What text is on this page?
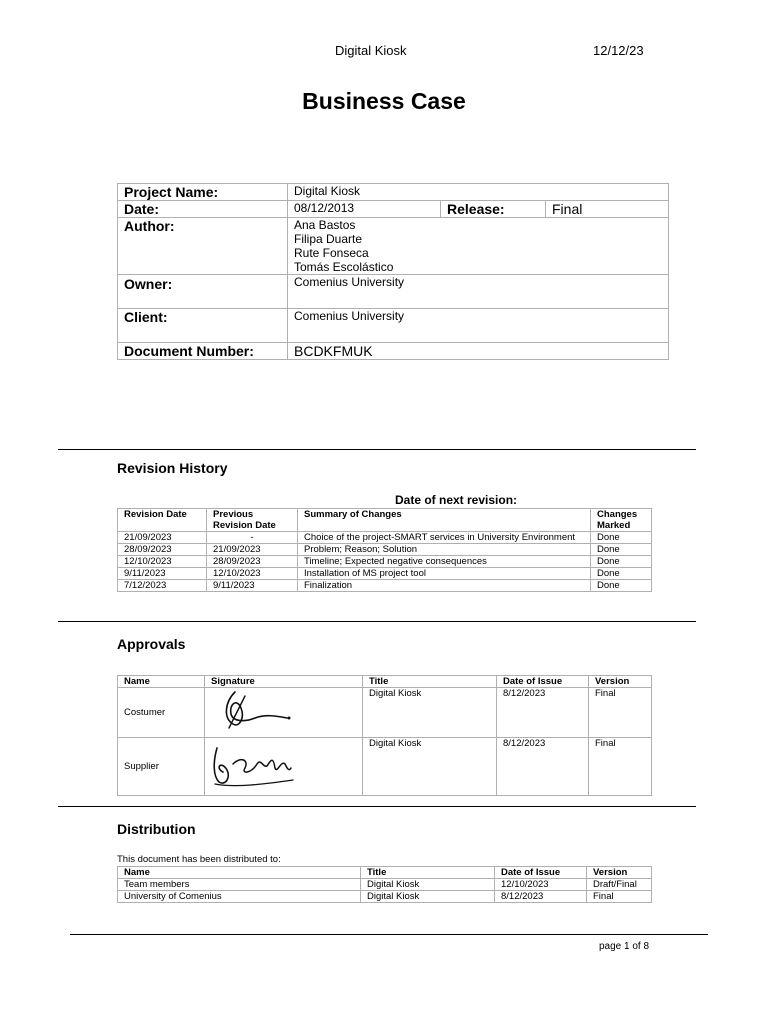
Digital Kiosk	12/12/23
Business Case
Project Name:	Digital Kiosk		
Date:	08/12/2013	Release:	Final
Author:	Ana Bastos
Filipa Duarte
Rute Fonseca
Tomás Escolástico		

Owner:	Comenius University		
Client:	Comenius University		
Document Number:	BCDKFMUK		
Revision History
Date of next revision:
Revision Date	Previous Revision Date	Summary of Changes	Changes Marked
21/09/2023	-	Choice of the project-SMART services in University Environment	Done
28/09/2023	21/09/2023	Problem; Reason; Solution	Done
12/10/2023	28/09/2023	Timeline; Expected negative consequences	Done
9/11/2023	12/10/2023	Installation of MS project tool	Done
7/12/2023	9/11/2023	Finalization	Done
Approvals
Name	Signature	Title	Date of Issue	Version
Costumer		Digital Kiosk	8/12/2023	Final
Supplier		Digital Kiosk	8/12/2023	Final
Distribution
This document has been distributed to:
Name	Title	Date of Issue	Version
Team members	Digital Kiosk	12/10/2023	Draft/Final
University of Comenius	Digital Kiosk	8/12/2023	Final
page 1 of 8
